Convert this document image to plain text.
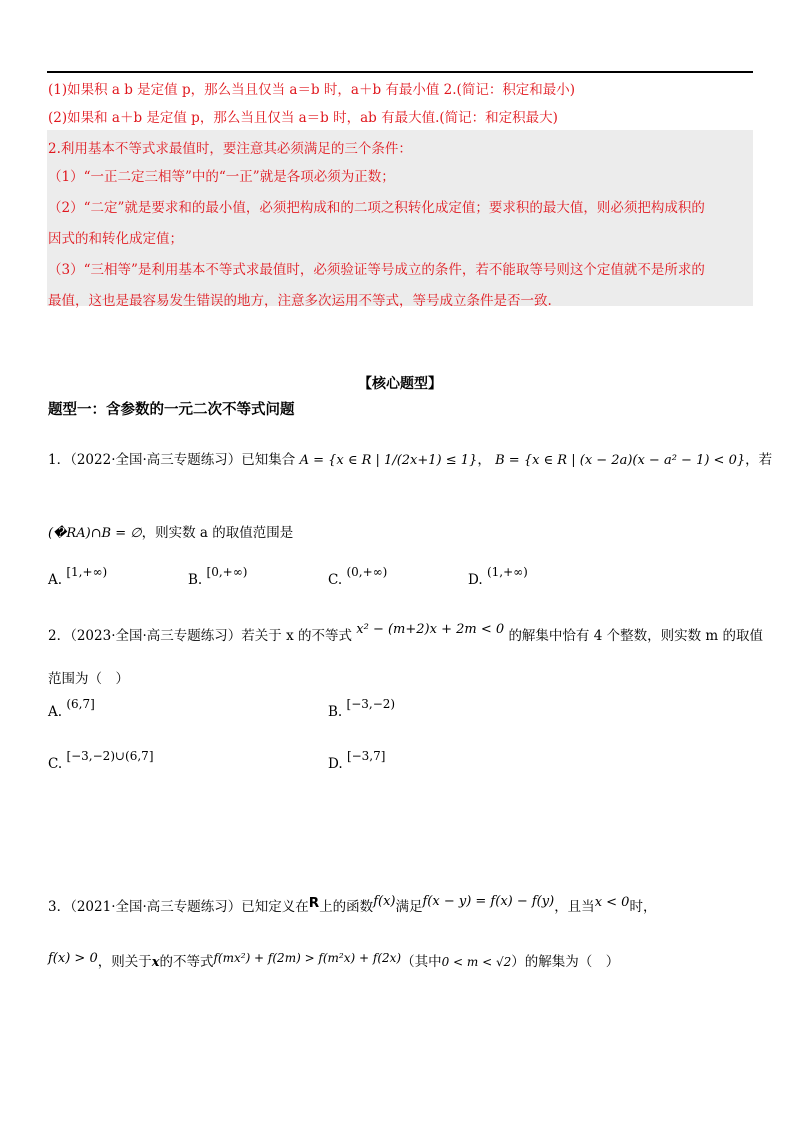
(1)如果积 a b 是定值 p，那么当且仅当 a＝b 时，a＋b 有最小值 2.(简记：积定和最小)
(2)如果和 a＋b 是定值 p，那么当且仅当 a＝b 时，ab 有最大值.(简记：和定积最大)
2.利用基本不等式求最值时，要注意其必须满足的三个条件：
（1）“一正二定三相等”中的“一正”就是各项必须为正数；
（2）“二定”就是要求和的最小值，必须把构成和的二项之积转化成定值；要求积的最大值，则必须把构成积的
因式的和转化成定值；
（3）“三相等”是利用基本不等式求最值时，必须验证等号成立的条件，若不能取等号则这个定值就不是所求的
最值，这也是最容易发生错误的地方，注意多次运用不等式，等号成立条件是否一致.
【核心题型】
题型一：含参数的一元二次不等式问题
1．（2022·全国·高三专题练习）已知集合 A = {x ∈ R | 1/(2x+1) ≤ 1}， B = {x ∈ R | (x − 2a)(x − a² − 1) < 0}，若
(�RA)∩B = ∅，则实数 a 的取值范围是
A. [1,+∞)	B. [0,+∞)	C. (0,+∞)	D. (1,+∞)
2．（2023·全国·高三专题练习）若关于 x 的不等式 x² − (m+2)x + 2m < 0 的解集中恰有 4 个整数，则实数 m 的取值
范围为（　）
A. (6,7]	B. [−3,−2)
C. [−3,−2)∪(6,7]	D. [−3,7]
3．（2021·全国·高三专题练习）已知定义在R上的函数f(x)满足f(x − y) = f(x) − f(y)，且当x < 0时，
f(x) > 0，则关于x的不等式f(mx²) + f(2m) > f(m²x) + f(2x)（其中0 < m < √2）的解集为（　）
